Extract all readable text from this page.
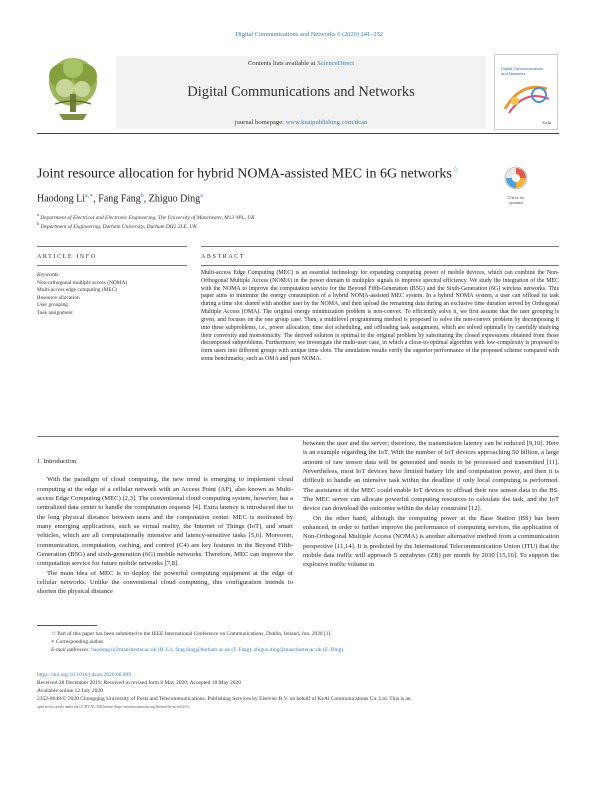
Digital Communications and Networks 6 (2020) 241–252
Contents lists available at ScienceDirect
Digital Communications and Networks
journal homepage: www.keaipublishing.com/dcan
Digital Communications
and Networks
KeAi
Joint resource allocation for hybrid NOMA-assisted MEC in 6G networks☆
Check for
updates
Haodong $Li^{a,∗}$, Fang Fang$^b$, Zhiguo Ding$^a$
$^a$ Department of Electrical and Electronic Engineering, The University of Manchester, M13 9PL, UK
$^b$ Department of Engineering, Durham University, Durham DH1 3LE, UK
ARTICLE INFO	ABSTRACT
Keywords:
Non-orthogonal multiple access (NOMA)
Multi-access edge computing (MEC)
Resource allocation
User grouping
Task assignment
Multi-access Edge Computing (MEC) is an essential technology for expanding computing power of mobile devices, which can combine the Non-Orthogonal Multiple Access (NOMA) in the power domain to multiplex signals to improve spectral efficiency. We study the integration of the MEC with the NOMA to improve the computation service for the Beyond Fifth-Generation (B5G) and the Sixth-Generation (6G) wireless networks. This paper aims to minimize the energy consumption of a hybrid NOMA-assisted MEC system. In a hybrid NOMA system, a user can offload its task during a time slot shared with another user by the NOMA, and then upload the remaining data during an exclusive time duration served by Orthogonal Multiple Access (OMA). The original energy minimization problem is non-convex. To efficiently solve it, we first assume that the user grouping is given, and focuses on the one group case. Then, a multilevel programming method is proposed to solve the non-convex problem by decomposing it into three subproblems, i.e., power allocation, time slot scheduling, and offloading task assignment, which are solved optimally by carefully studying their convexity and monotonicity. The derived solution is optimal to the original problem by substituting the closed expressions obtained from those decomposed subproblems. Furthermore, we investigate the multi-user case, in which a close-to-optimal algorithm with low-complexity is proposed to form users into different groups with unique time slots. The simulation results verify the superior performance of the proposed scheme compared with some benchmarks, such as OMA and pure NOMA.

1. Introduction

With the paradigm of cloud computing, the new trend is emerging to implement cloud computing at the edge of a cellular network with an Access Point (AP), also known as Multi-access Edge Computing (MEC) [2,3]. The conventional cloud computing system, however, has a centralized data center to handle the computation requests [4]. Extra latency is introduced due to the long physical distance between users and the computation center. MEC is motivated by many emerging applications, such as virtual reality, the Internet of Things (IoT), and smart vehicles, which are all computationally intensive and latency-sensitive tasks [5,6]. Moreover, communication, computation, caching, and control (C4) are key features in the Beyond Fifth-Generation (B5G) and sixth-generation (6G) mobile networks. Therefore, MEC can improve the computation service for future mobile networks [7,8].

The main idea of MEC is to deploy the powerful computing equipment at the edge of cellular networks. Unlike the conventional cloud computing, this configuration intends to shorten the physical distance

between the user and the server; therefore, the transmission latency can be reduced [9,10]. Here is an example regarding the IoT. With the number of IoT devices approaching 50 billion, a large amount of raw sensor data will be generated and needs to be processed and transmitted [11]. Nevertheless, most IoT devices have limited battery life and computation power, and then it is difficult to handle an intensive task within the deadline if only local computing is performed. The assistance of the MEC could enable IoT devices to offload their raw sensor data to the BS. The MEC server can allocate powerful computing resources to calculate the task, and the IoT device can download the outcomes within the delay constraint [12].

On the other hand, although the computing power at the Base Station (BS) has been enhanced, in order to further improve the performance of computing services, the application of Non-Orthogonal Multiple Access (NOMA) is another alternative method from a communication perspective [11,14]. It is predicted by the International Telecommunication Union (ITU) that the mobile data traffic will approach 5 zettabytes (ZB) per month by 2030 [15,16]. To support the explosive traffic volume in

☆ Part of this paper has been submitted to the IEEE International Conference on Communications, Dublin, Ireland, Jun. 2020 [1].
∗ Corresponding author.
E-mail addresses: haodong.li@manchester.ac.uk (H. Li), fang.fang@durham.ac.uk (F. Fang), zhiguo.ding@manchester.ac.uk (Z. Ding).
https://doi.org/10.1016/j.dcan.2020.06.009
Received 28 December 2019; Received in revised form 8 May 2020; Accepted 18 May 2020
Available online 12 July 2020
2352-8648/© 2020 Chongqing University of Posts and Telecommunications. Publishing Services by Elsevier B.V. on behalf of KeAi Communications Co. Ltd. This is an
open access article under the CC BY-NC-ND license (http://creativecommons.org/licenses/by-nc-nd/4.0/).
